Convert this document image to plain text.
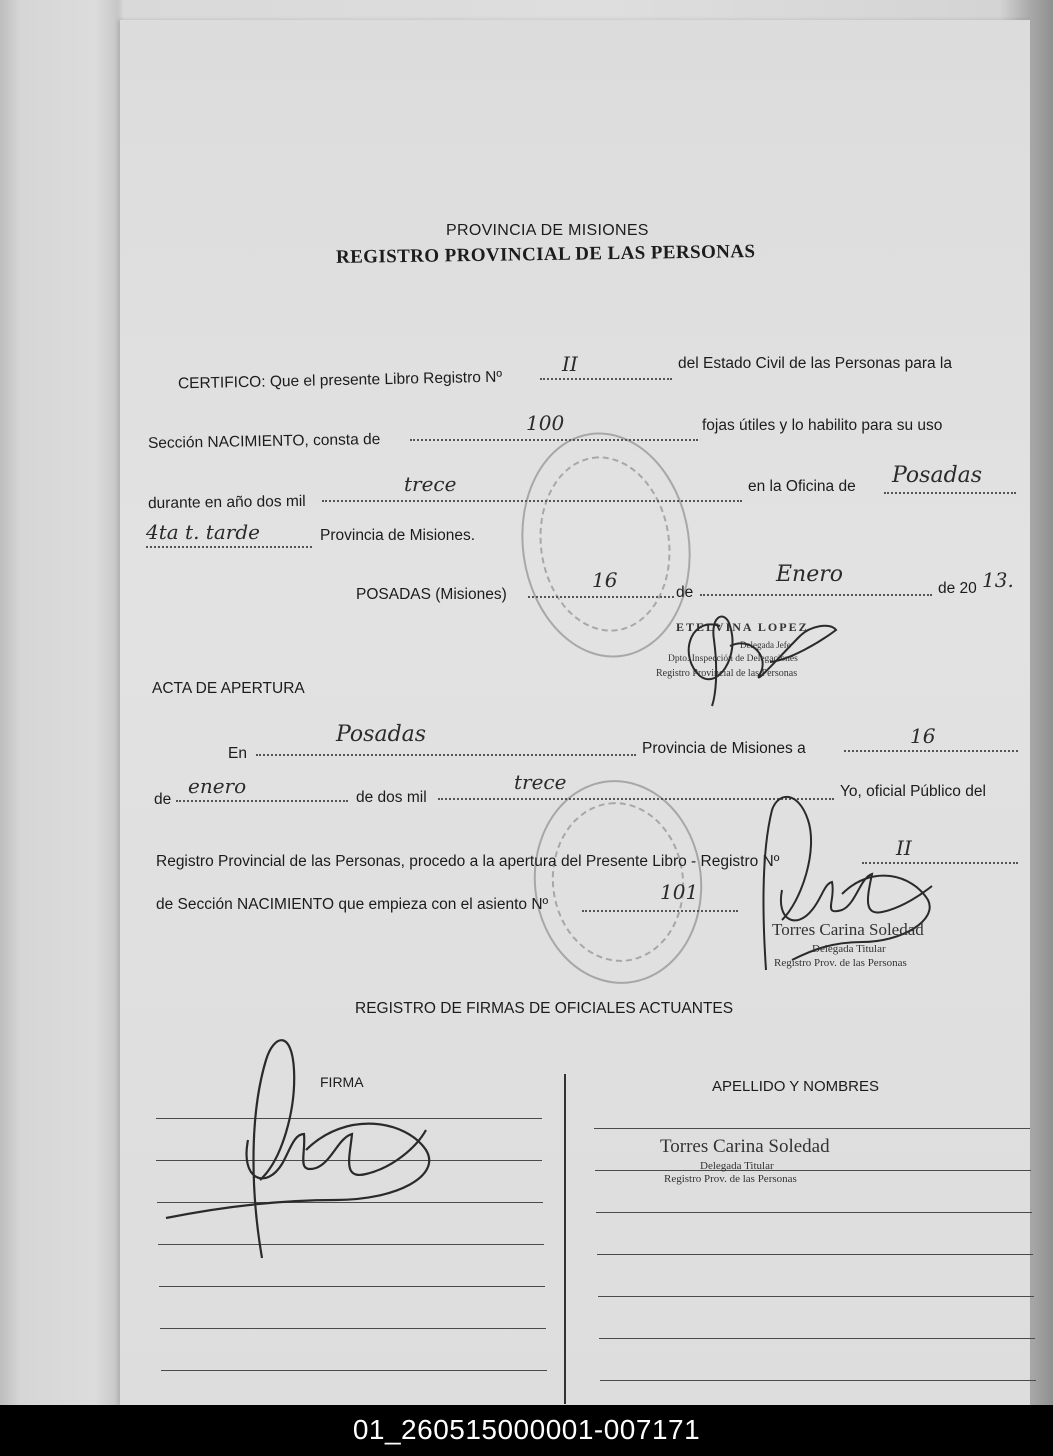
PROVINCIA DE MISIONES
REGISTRO PROVINCIAL DE LAS PERSONAS
CERTIFICO: Que el presente Libro Registro Nº
II	del Estado Civil de las Personas para la
Sección NACIMIENTO, consta de
100	fojas útiles y lo habilito para su uso
durante en año dos mil
trece	en la Oficina de Posadas
4ta t. tarde	Provincia de Misiones.
POSADAS (Misiones)
16
de
Enero
de 20 13.
ETELVINA LOPEZ
Delegada Jefe
Dpto. Inspección de Delegaciones
Registro Provincial de las Personas
ACTA DE APERTURA
En
Posadas
Provincia de Misiones a
16
de
enero	de dos mil
trece	Yo, oficial Público del
Registro Provincial de las Personas, procedo a la apertura del Presente Libro - Registro Nº
II
de Sección NACIMIENTO que empieza con el asiento Nº
101
Torres Carina Soledad
Delegada Titular
Registro Prov. de las Personas
REGISTRO DE FIRMAS DE OFICIALES ACTUANTES
FIRMA	APELLIDO Y NOMBRES
Torres Carina Soledad
Delegada Titular
Registro Prov. de las Personas
01_260515000001-007171
